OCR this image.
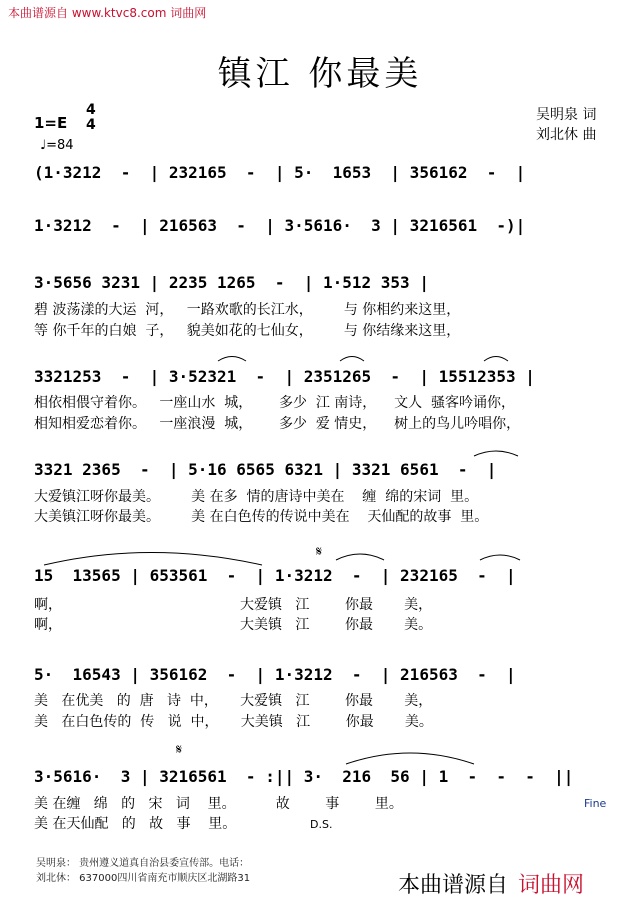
本曲谱源自 www.ktvc8.com 词曲网
镇江 你最美
1=E
4
4
♩=84
吴明泉 词
刘北休 曲
(1·3212  -  | 232165  -  | 5·  1653  | 356162  -  |
1·3212  -  | 216563  -  | 3·5616·  3 | 3216561  -)|
3·5656 3231 | 2235 1265  -  | 1·512 353 |
碧 波荡漾的大运  河，   一路欢歌的长江水，       与 你相约来这里，
等 你千年的白娘  子，   貌美如花的七仙女，       与 你结缘来这里，
3321253  -  | 3·52321  -  | 2351265  -  | 15512353 |
相依相偎守着你。   一座山水  城，      多少  江 南诗，    文人  骚客吟诵你，
相知相爱恋着你。   一座浪漫  城，      多少  爱 情史，    树上的鸟儿吟唱你，
3321 2365  -  | 5·16 6565 6321 | 3321 6561  -  |
大爱镇江呀你最美。       美 在多  情的唐诗中美在    缠  绵的宋词  里。
大美镇江呀你最美。       美 在白色传的传说中美在    天仙配的故事  里。
𝄋
15  13565 | 653561  -  | 1·3212  -  | 232165  -  |
啊，                                        大爱镇   江        你最       美，
啊，                                        大美镇   江        你最       美。
5·  16543 | 356162  -  | 1·3212  -  | 216563  -  |
美   在优美   的  唐   诗  中，     大爱镇   江        你最       美，
美   在白色传的  传   说  中，     大美镇   江        你最       美。
𝄋
3·5616·  3 | 3216561  - :|| 3·  216  56 | 1  -  -  -  ||
美 在缠   绵   的   宋   词    里。         故        事        里。
美 在天仙配   的   故   事    里。
Fine
D.S.
吴明泉： 贵州遵义道真自治县委宣传部。电话：
刘北休： 637000四川省南充市顺庆区北湖路31	本曲谱源自 词曲网
